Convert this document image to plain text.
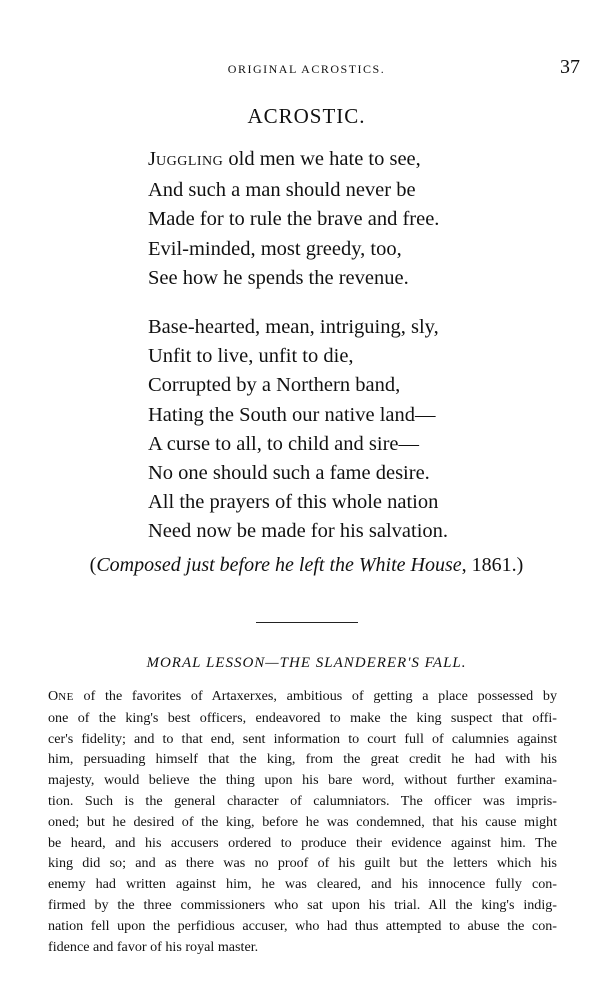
ORIGINAL ACROSTICS.	37
ACROSTIC.
JUGGLING old men we hate to see,
And such a man should never be
Made for to rule the brave and free.
Evil-minded, most greedy, too,
See how he spends the revenue.
Base-hearted, mean, intriguing, sly,
Unfit to live, unfit to die,
Corrupted by a Northern band,
Hating the South our native land—
A curse to all, to child and sire—
No one should such a fame desire.
All the prayers of this whole nation
Need now be made for his salvation.
(Composed just before he left the White House, 1861.)
MORAL LESSON—THE SLANDERER'S FALL.
ONE of the favorites of Artaxerxes, ambitious of getting a place possessed by
one of the king's best officers, endeavored to make the king suspect that offi-
cer's fidelity; and to that end, sent information to court full of calumnies against
him, persuading himself that the king, from the great credit he had with his
majesty, would believe the thing upon his bare word, without further examina-
tion. Such is the general character of calumniators. The officer was impris-
oned; but he desired of the king, before he was condemned, that his cause might
be heard, and his accusers ordered to produce their evidence against him. The
king did so; and as there was no proof of his guilt but the letters which his
enemy had written against him, he was cleared, and his innocence fully con-
firmed by the three commissioners who sat upon his trial. All the king's indig-
nation fell upon the perfidious accuser, who had thus attempted to abuse the con-
fidence and favor of his royal master.
